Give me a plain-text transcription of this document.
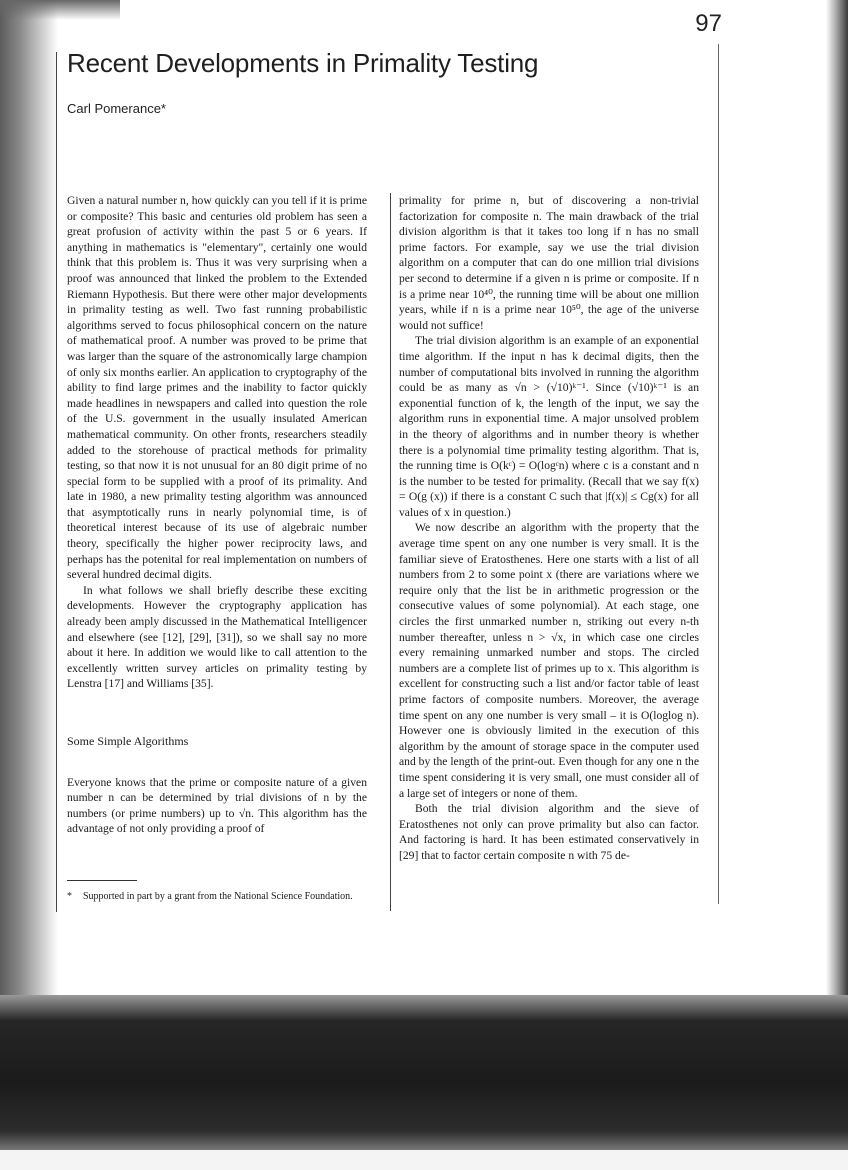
97
Recent Developments in Primality Testing
Carl Pomerance*

Given a natural number n, how quickly can you tell if it is prime or composite? This basic and centuries old problem has seen a great profusion of activity within the past 5 or 6 years. If anything in mathematics is "elementary", certainly one would think that this problem is. Thus it was very surprising when a proof was announced that linked the problem to the Extended Riemann Hypothesis. But there were other major developments in primality testing as well. Two fast running probabilistic algorithms served to focus philosophical concern on the nature of mathematical proof. A number was proved to be prime that was larger than the square of the astronomically large champion of only six months earlier. An application to cryptography of the ability to find large primes and the inability to factor quickly made headlines in newspapers and called into question the role of the U.S. government in the usually insulated American mathematical community. On other fronts, researchers steadily added to the storehouse of practical methods for primality testing, so that now it is not unusual for an 80 digit prime of no special form to be supplied with a proof of its primality. And late in 1980, a new primality testing algorithm was announced that asymptotically runs in nearly polynomial time, is of theoretical interest because of its use of algebraic number theory, specifically the higher power reciprocity laws, and perhaps has the potenital for real implementation on numbers of several hundred decimal digits.

In what follows we shall briefly describe these exciting developments. However the cryptography application has already been amply discussed in the Mathematical Intelligencer and elsewhere (see [12], [29], [31]), so we shall say no more about it here. In addition we would like to call attention to the excellently written survey articles on primality testing by Lenstra [17] and Williams [35].

Some Simple Algorithms

Everyone knows that the prime or composite nature of a given number n can be determined by trial divisions of n by the numbers (or prime numbers) up to √n. This algorithm has the advantage of not only providing a proof of

primality for prime n, but of discovering a non-trivial factorization for composite n. The main drawback of the trial division algorithm is that it takes too long if n has no small prime factors. For example, say we use the trial division algorithm on a computer that can do one million trial divisions per second to determine if a given n is prime or composite. If n is a prime near 10⁴⁰, the running time will be about one million years, while if n is a prime near 10⁵⁰, the age of the universe would not suffice!

The trial division algorithm is an example of an exponential time algorithm. If the input n has k decimal digits, then the number of computational bits involved in running the algorithm could be as many as √n > (√10)ᵏ⁻¹. Since (√10)ᵏ⁻¹ is an exponential function of k, the length of the input, we say the algorithm runs in exponential time. A major unsolved problem in the theory of algorithms and in number theory is whether there is a polynomial time primality testing algorithm. That is, the running time is O(kᶜ) = O(logᶜn) where c is a constant and n is the number to be tested for primality. (Recall that we say f(x) = O(g (x)) if there is a constant C such that |f(x)| ≤ Cg(x) for all values of x in question.)

We now describe an algorithm with the property that the average time spent on any one number is very small. It is the familiar sieve of Eratosthenes. Here one starts with a list of all numbers from 2 to some point x (there are variations where we require only that the list be in arithmetic progression or the consecutive values of some polynomial). At each stage, one circles the first unmarked number n, striking out every n-th number thereafter, unless n > √x, in which case one circles every remaining unmarked number and stops. The circled numbers are a complete list of primes up to x. This algorithm is excellent for constructing such a list and/or factor table of least prime factors of composite numbers. Moreover, the average time spent on any one number is very small – it is O(loglog n). However one is obviously limited in the execution of this algorithm by the amount of storage space in the computer used and by the length of the print-out. Even though for any one n the time spent considering it is very small, one must consider all of a large set of integers or none of them.

Both the trial division algorithm and the sieve of Eratosthenes not only can prove primality but also can factor. And factoring is hard. It has been estimated conservatively in [29] that to factor certain composite n with 75 de-

*	Supported in part by a grant from the National Science Foundation.
